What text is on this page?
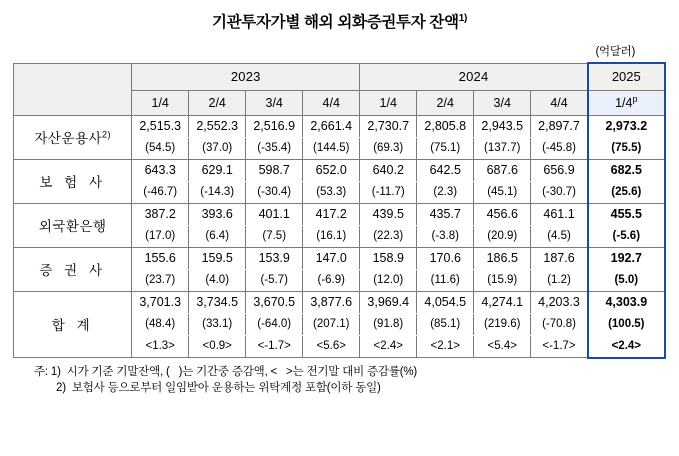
기관투자가별 해외 외화증권투자 잔액$^{1)}$
(억달러)
	2023				2024				2025
	1/4	2/4	3/4	4/4	1/4	2/4	3/4	4/4	1/4$^p$
자산운용사$^{2)}$	2,515.3	2,552.3	2,516.9	2,661.4	2,730.7	2,805.8	2,943.5	2,897.7	2,973.2
	(54.5)	(37.0)	(-35.4)	(144.5)	(69.3)	(75.1)	(137.7)	(-45.8)	(75.5)
보 험 사	643.3	629.1	598.7	652.0	640.2	642.5	687.6	656.9	682.5
	(-46.7)	(-14.3)	(-30.4)	(53.3)	(-11.7)	(2.3)	(45.1)	(-30.7)	(25.6)
외국환은행	387.2	393.6	401.1	417.2	439.5	435.7	456.6	461.1	455.5
	(17.0)	(6.4)	(7.5)	(16.1)	(22.3)	(-3.8)	(20.9)	(4.5)	(-5.6)
증 권 사	155.6	159.5	153.9	147.0	158.9	170.6	186.5	187.6	192.7
	(23.7)	(4.0)	(-5.7)	(-6.9)	(12.0)	(11.6)	(15.9)	(1.2)	(5.0)
합 계	3,701.3	3,734.5	3,670.5	3,877.6	3,969.4	4,054.5	4,274.1	4,203.3	4,303.9
	(48.4)	(33.1)	(-64.0)	(207.1)	(91.8)	(85.1)	(219.6)	(-70.8)	(100.5)
	<1.3>	<0.9>	<-1.7>	<5.6>	<2.4>	<2.1>	<5.4>	<-1.7>	<2.4>
주: 1)  시가 기준 기말잔액, (   )는 기간중 증감액, <   >는 전기말 대비 증감률(%)
2)  보험사 등으로부터 일임받아 운용하는 위탁계정 포함(이하 동일)
